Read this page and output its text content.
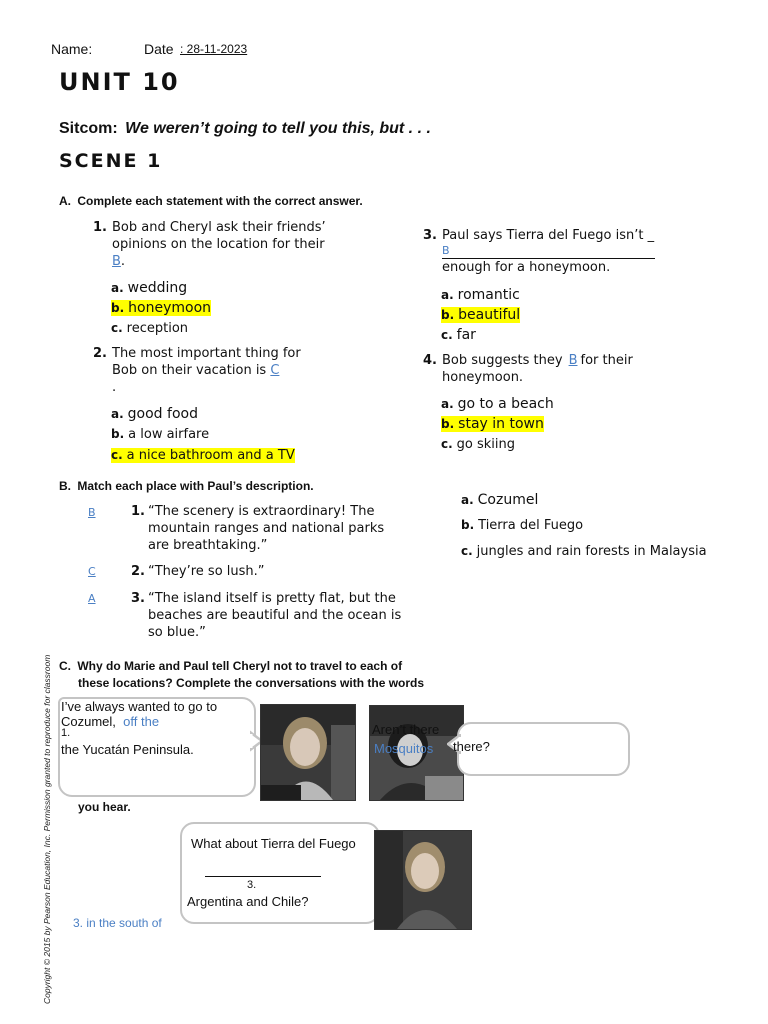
Name:	Date : 28-11-2023
UNIT 10
Sitcom: We weren’t going to tell you this, but . . .
SCENE 1
A. Complete each statement with the correct answer.
1. Bob and Cheryl ask their friends’
opinions on the location for their
B.
a. wedding
b. honeymoon
c. reception
2. The most important thing for
Bob on their vacation is C
.
a. good food
b. a low airfare
c. a nice bathroom and a TV
3. Paul says Tierra del Fuego isn’t _
B
enough for a honeymoon.
a. romantic
b. beautiful
c. far
4. Bob suggests they B for their
honeymoon.
a. go to a beach
b. stay in town
c. go skiing
B. Match each place with Paul’s description.
B	1. “The scenery is extraordinary! The
mountain ranges and national parks
are breathtaking.”
C	2. “They’re so lush.”
A	3. “The island itself is pretty flat, but the
beaches are beautiful and the ocean is
so blue.”
a. Cozumel
b. Tierra del Fuego
c. jungles and rain forests in Malaysia
C. Why do Marie and Paul tell Cheryl not to travel to each of
these locations? Complete the conversations with the words
you hear.
I’ve always wanted to go to
Cozumel, off the
1.
the Yucatán Peninsula.
Aren’t there
Mosquitos there?
What about Tierra del Fuego
3.
Argentina and Chile?
3. in the south of
Copyright © 2015 by Pearson Education, Inc. Permission granted to reproduce for classroom
